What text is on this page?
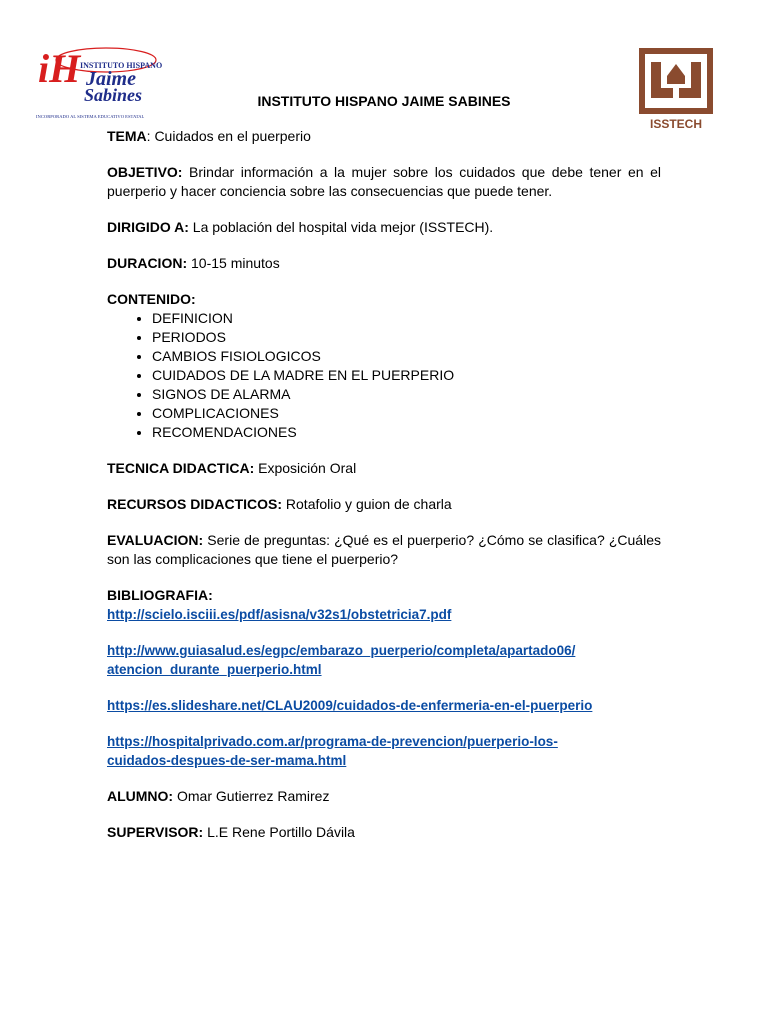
iH INSTITUTO HISPANO
Jaime
Sabines
INCORPORADO AL SISTEMA EDUCATIVO ESTATAL
ISSTECH
INSTITUTO HISPANO JAIME SABINES
TEMA: Cuidados en el puerperio
OBJETIVO: Brindar información a la mujer sobre los cuidados que debe tener en el puerperio y hacer conciencia sobre las consecuencias que puede tener.
DIRIGIDO A: La población del hospital vida mejor (ISSTECH).
DURACION: 10-15 minutos
CONTENIDO:
• DEFINICION
• PERIODOS
• CAMBIOS FISIOLOGICOS
• CUIDADOS DE LA MADRE EN EL PUERPERIO
• SIGNOS DE ALARMA
• COMPLICACIONES
• RECOMENDACIONES
TECNICA DIDACTICA: Exposición Oral
RECURSOS DIDACTICOS: Rotafolio y guion de charla
EVALUACION: Serie de preguntas: ¿Qué es el puerperio? ¿Cómo se clasifica? ¿Cuáles son las complicaciones que tiene el puerperio?
BIBLIOGRAFIA:
http://scielo.isciii.es/pdf/asisna/v32s1/obstetricia7.pdf
http://www.guiasalud.es/egpc/embarazo_puerperio/completa/apartado06/
atencion_durante_puerperio.html
https://es.slideshare.net/CLAU2009/cuidados-de-enfermeria-en-el-puerperio
https://hospitalprivado.com.ar/programa-de-prevencion/puerperio-los-
cuidados-despues-de-ser-mama.html
ALUMNO: Omar Gutierrez Ramirez
SUPERVISOR: L.E Rene Portillo Dávila
